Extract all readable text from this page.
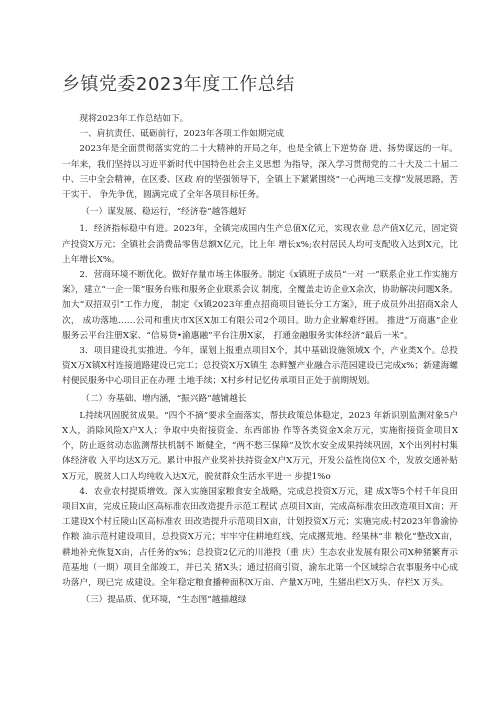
乡镇党委2023年度工作总结

现将2023年工作总结如下。

一、肩抗责任、砥砺前行，2023年各项工作如期完成

2023年是全面贯彻落实党的二十大精神的开局之年，也是全镇上下逆势奋 进、扬势谋远的一年。一年来，我们坚持以习近平新时代中国特色社会主义思想 为指导，深入学习贯彻党的二十大及二十届二中、三中全会精神，在区委、区政 府的坚强领导下，全镇上下紧紧围绕“一心两地三支撑”发展思路，苦干实干、 争先争优，圆满完成了全年各项目标任务。

（一）谋发展、稳运行，“经济卷”越答越好

1．经济指标稳中有进。2023年，全镇完成国内生产总值X亿元，实现农业 总产值X亿元，固定资产投资X万元；全镇社会消费品零售总额X亿元，比上年 增长x%;农村居民人均可支配收入达到X元，比上年增长X%。

2．营商环境不断优化。做好存量市场主体服务。制定《x镇班子成员“一对 一”联系企业工作实施方案》，建立“一企一策”服务台账和服务企业联系会议 制度，全覆盖走访企业X余次，协助解决问题X条。加大“双招双引”工作力度， 制定《x镇2023年重点招商项目链长分工方案》，班子成员外出招商X余人次， 成功落地……公司和重庆市X区X加工有限公司2个项目。助力企业解难纾困。 推进“万商惠”企业服务云平台注册X家、“信易贷•渝惠融”平台注册X家， 打通金融服务实体经济“最后一米”。

3．项目建设扎实推进。今年，谋划上报重点项目X个，其中基础设施领域X 个，产业类X个。总投资X万X镇X村连接道路建设已完工；总投资X万X镇生 态鲜蟹产业融合示范园建设已完成x%；新建海螺村便民服务中心项目正在办理 土地手续；X村乡村记忆传承项目正处于前期规划。

（二）夯基础、增内涵，“振兴路”越铺越长

L持续巩固脱贫成果。“四个不摘”要求全面落实，帮扶政策总体稳定，2023 年新识别监测对象5户X人，消除风险X户X人；争取中央衔接资金、东西部协 作等各类资金X余万元，实施衔接资金项目X个，防止返贫动态监测帮扶机制不 断健全，“两不愁三保障”及饮水安全成果持续巩固，X个出列村村集体经济收 入平均达X万元。累计申报产业奖补扶持资金X户X万元，开发公益性岗位X 个，发放交通补贴X万元，脱贫人口人均纯收入达X元，脱贫群众生活水平进一 步提1%o

4．农业农村提质增效。深入实施国家粮食安全战略，完成总投资X万元，建 成X等5个村千年良田项目X亩，完成丘陵山区高标准农田改造提升示范工程试 点项目X亩，完成高标准农田改造项目X亩；开工建设X个村丘陵山区高标准农 田改造提升示范项目X亩，计划投资X万元；实施完成:村2023年鲁渝协作粮 油示范村建设项目，总投资X万元；牢牢守住耕地红线，完成撂荒地、经果林“非 粮化”整改X亩，耕地补充恢复X亩，占任务的x%；总投资2亿元的川港投（重 庆）生态农业发展有限公司X种猪繁育示范基地（一期）项目全部竣工，并已关 猪X头；通过招商引资，渝东北第一个区域综合农事服务中心成功落户，现已完 成建设。全年稳定粮食播种面积X万亩、产量X万吨，生猪出栏X万头、存栏X 万头。

（三）提品质、优环境，“生态图”越描越绿
